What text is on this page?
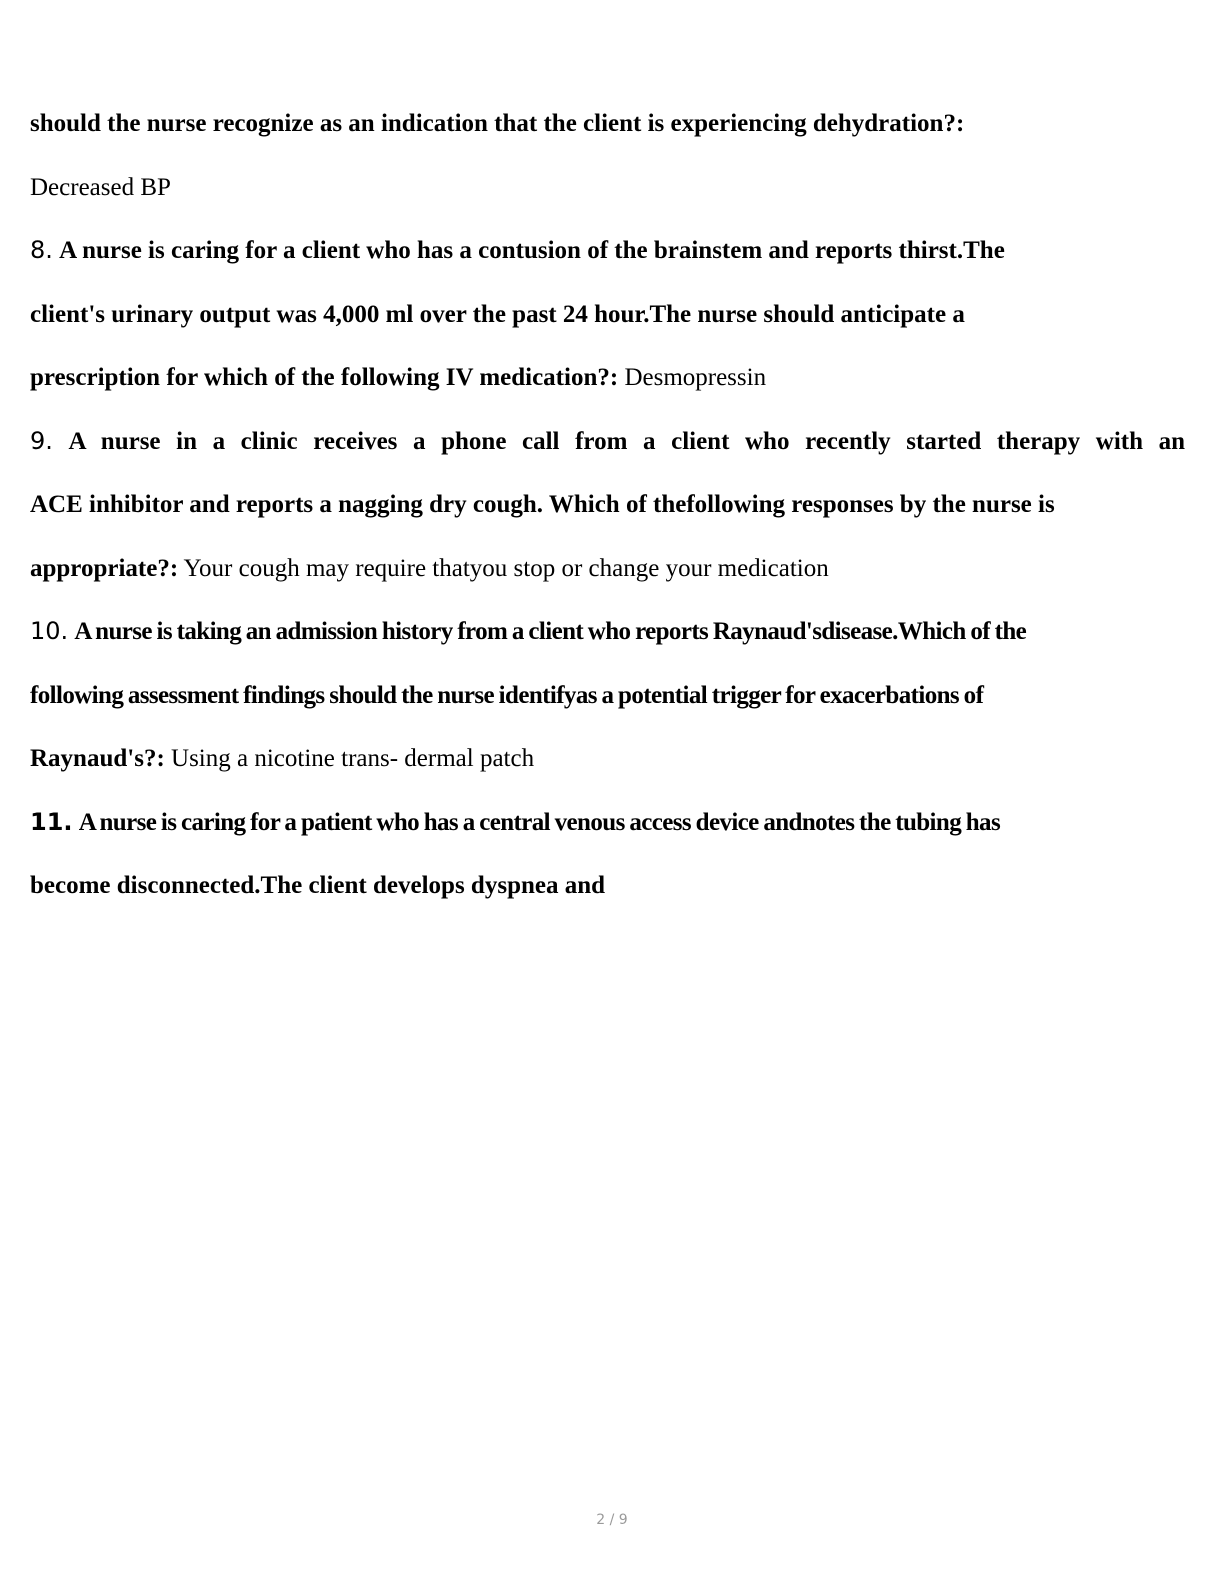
should the nurse recognize as an indication that the client is experiencing dehydration?:
Decreased BP
8. A nurse is caring for a client who has a contusion of the brainstem and reports thirst.The
client's urinary output was 4,000 ml over the past 24 hour.The nurse should anticipate a
prescription for which of the following IV medication?: Desmopressin
9. A nurse in a clinic receives a phone call from a client who recently started therapy with an
ACE inhibitor and reports a nagging dry cough. Which of thefollowing responses by the nurse is
appropriate?: Your cough may require thatyou stop or change your medication
10. A nurse is taking an admission history from a client who reports Raynaud'sdisease.Which of the
following assessment findings should the nurse identifyas a potential trigger for exacerbations of
Raynaud's?: Using a nicotine trans- dermal patch
11. A nurse is caring for a patient who has a central venous access device andnotes the tubing has
become disconnected.The client develops dyspnea and
2 / 9
